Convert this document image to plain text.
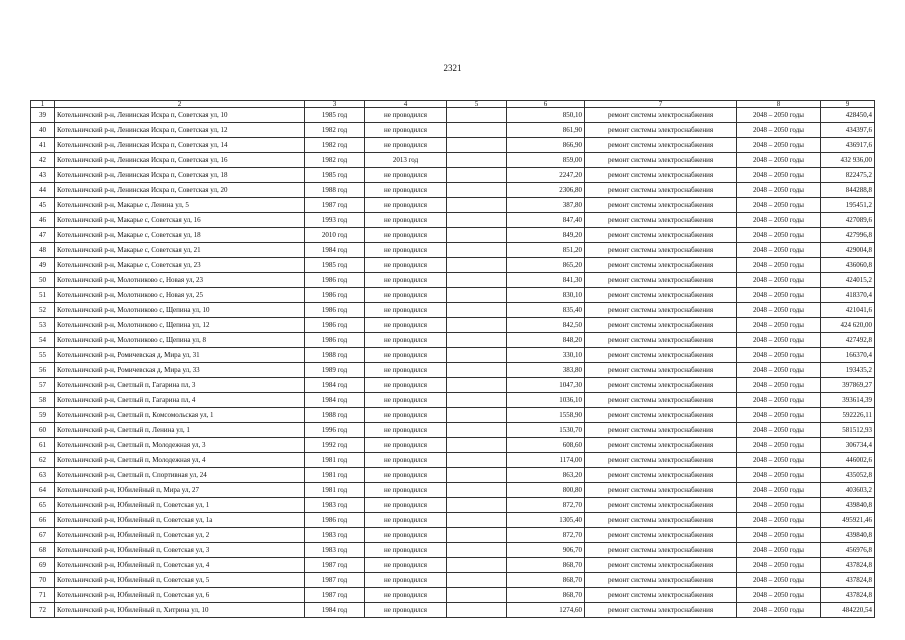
2321
1	2	3	4	5	6	7	8	9
39	Котельничский р-н, Ленинская Искра п, Советская ул, 10	1985 год	не проводился		850,10	ремонт системы электроснабжения	2048 – 2050 годы	428450,4
40	Котельничский р-н, Ленинская Искра п, Советская ул, 12	1982 год	не проводился		861,90	ремонт системы электроснабжения	2048 – 2050 годы	434397,6
41	Котельничский р-н, Ленинская Искра п, Советская ул, 14	1982 год	не проводился		866,90	ремонт системы электроснабжения	2048 – 2050 годы	436917,6
42	Котельничский р-н, Ленинская Искра п, Советская ул, 16	1982 год	2013 год		859,00	ремонт системы электроснабжения	2048 – 2050 годы	432 936,00
43	Котельничский р-н, Ленинская Искра п, Советская ул, 18	1985 год	не проводился		2247,20	ремонт системы электроснабжения	2048 – 2050 годы	822475,2
44	Котельничский р-н, Ленинская Искра п, Советская ул, 20	1988 год	не проводился		2306,80	ремонт системы электроснабжения	2048 – 2050 годы	844288,8
45	Котельничский р-н, Макарье с, Ленина ул, 5	1987 год	не проводился		387,80	ремонт системы электроснабжения	2048 – 2050 годы	195451,2
46	Котельничский р-н, Макарье с, Советская ул, 16	1993 год	не проводился		847,40	ремонт системы электроснабжения	2048 – 2050 годы	427089,6
47	Котельничский р-н, Макарье с, Советская ул, 18	2010 год	не проводился		849,20	ремонт системы электроснабжения	2048 – 2050 годы	427996,8
48	Котельничский р-н, Макарье с, Советская ул, 21	1984 год	не проводился		851,20	ремонт системы электроснабжения	2048 – 2050 годы	429004,8
49	Котельничский р-н, Макарье с, Советская ул, 23	1985 год	не проводился		865,20	ремонт системы электроснабжения	2048 – 2050 годы	436060,8
50	Котельничский р-н, Молотниково с, Новая ул, 23	1986 год	не проводился		841,30	ремонт системы электроснабжения	2048 – 2050 годы	424015,2
51	Котельничский р-н, Молотниково с, Новая ул, 25	1986 год	не проводился		830,10	ремонт системы электроснабжения	2048 – 2050 годы	418370,4
52	Котельничский р-н, Молотниково с, Щепина ул, 10	1986 год	не проводился		835,40	ремонт системы электроснабжения	2048 – 2050 годы	421041,6
53	Котельничский р-н, Молотниково с, Щепина ул, 12	1986 год	не проводился		842,50	ремонт системы электроснабжения	2048 – 2050 годы	424 620,00
54	Котельничский р-н, Молотниково с, Щепина ул, 8	1986 год	не проводился		848,20	ремонт системы электроснабжения	2048 – 2050 годы	427492,8
55	Котельничский р-н, Ромичевская д, Мира ул, 31	1988 год	не проводился		330,10	ремонт системы электроснабжения	2048 – 2050 годы	166370,4
56	Котельничский р-н, Ромичевская д, Мира ул, 33	1989 год	не проводился		383,80	ремонт системы электроснабжения	2048 – 2050 годы	193435,2
57	Котельничский р-н, Светлый п, Гагарина пл, 3	1984 год	не проводился		1047,30	ремонт системы электроснабжения	2048 – 2050 годы	397869,27
58	Котельничский р-н, Светлый п, Гагарина пл, 4	1984 год	не проводился		1036,10	ремонт системы электроснабжения	2048 – 2050 годы	393614,39
59	Котельничский р-н, Светлый п, Комсомольская ул, 1	1988 год	не проводился		1558,90	ремонт системы электроснабжения	2048 – 2050 годы	592226,11
60	Котельничский р-н, Светлый п, Ленина ул, 1	1996 год	не проводился		1530,70	ремонт системы электроснабжения	2048 – 2050 годы	581512,93
61	Котельничский р-н, Светлый п, Молодежная ул, 3	1992 год	не проводился		608,60	ремонт системы электроснабжения	2048 – 2050 годы	306734,4
62	Котельничский р-н, Светлый п, Молодежная ул, 4	1981 год	не проводился		1174,00	ремонт системы электроснабжения	2048 – 2050 годы	446002,6
63	Котельничский р-н, Светлый п, Спортивная ул, 24	1981 год	не проводился		863,20	ремонт системы электроснабжения	2048 – 2050 годы	435052,8
64	Котельничский р-н, Юбилейный п, Мира ул, 27	1981 год	не проводился		800,80	ремонт системы электроснабжения	2048 – 2050 годы	403603,2
65	Котельничский р-н, Юбилейный п, Советская ул, 1	1983 год	не проводился		872,70	ремонт системы электроснабжения	2048 – 2050 годы	439840,8
66	Котельничский р-н, Юбилейный п, Советская ул, 1а	1986 год	не проводился		1305,40	ремонт системы электроснабжения	2048 – 2050 годы	495921,46
67	Котельничский р-н, Юбилейный п, Советская ул, 2	1983 год	не проводился		872,70	ремонт системы электроснабжения	2048 – 2050 годы	439840,8
68	Котельничский р-н, Юбилейный п, Советская ул, 3	1983 год	не проводился		906,70	ремонт системы электроснабжения	2048 – 2050 годы	456976,8
69	Котельничский р-н, Юбилейный п, Советская ул, 4	1987 год	не проводился		868,70	ремонт системы электроснабжения	2048 – 2050 годы	437824,8
70	Котельничский р-н, Юбилейный п, Советская ул, 5	1987 год	не проводился		868,70	ремонт системы электроснабжения	2048 – 2050 годы	437824,8
71	Котельничский р-н, Юбилейный п, Советская ул, 6	1987 год	не проводился		868,70	ремонт системы электроснабжения	2048 – 2050 годы	437824,8
72	Котельничский р-н, Юбилейный п, Хитрина ул, 10	1984 год	не проводился		1274,60	ремонт системы электроснабжения	2048 – 2050 годы	484220,54
